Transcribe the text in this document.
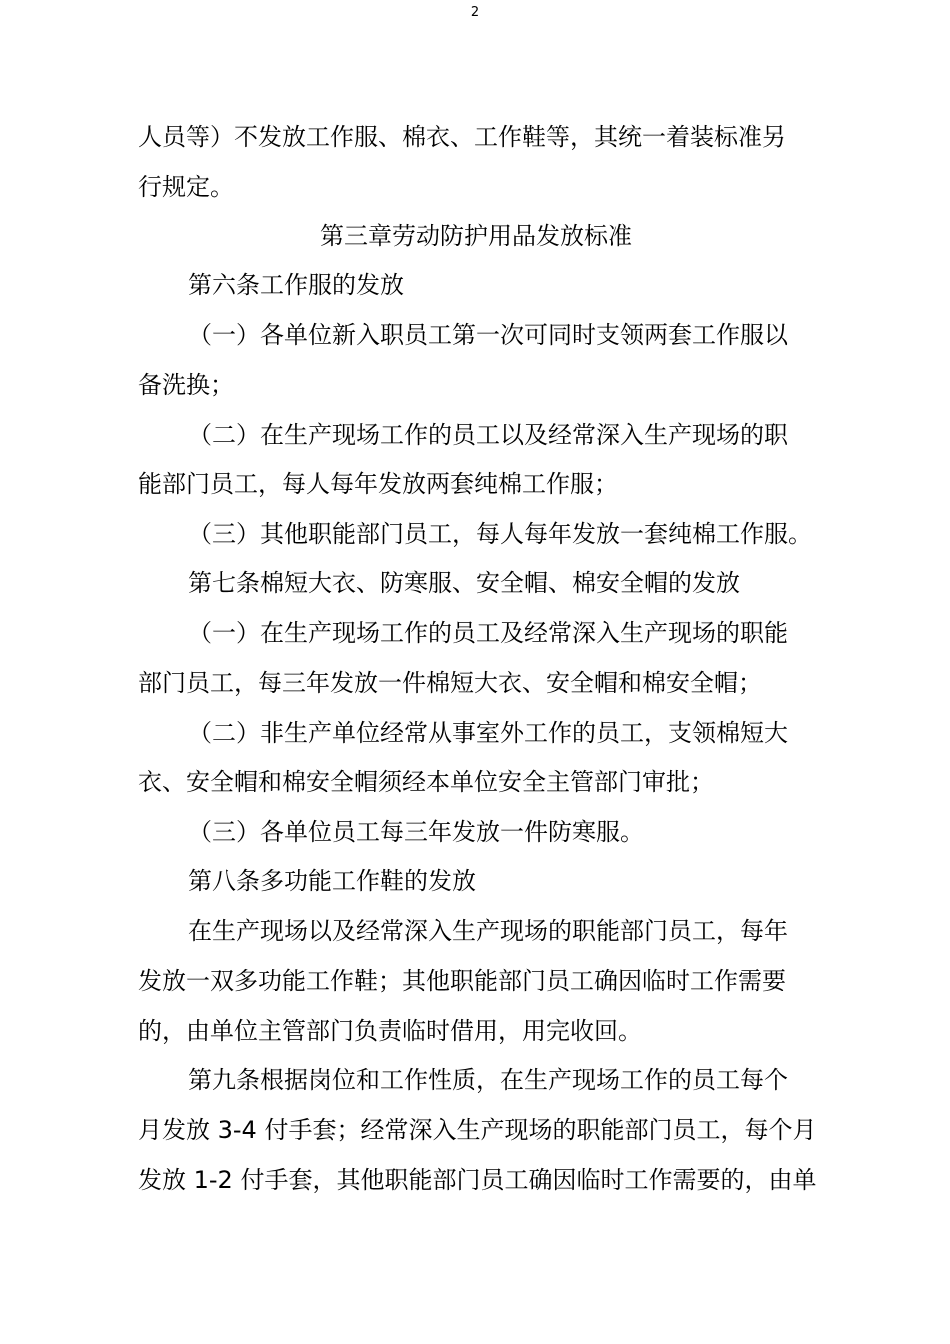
2
人员等）不发放工作服、棉衣、工作鞋等，其统一着装标准另
行规定。
第三章劳动防护用品发放标准
第六条工作服的发放
（一）各单位新入职员工第一次可同时支领两套工作服以
备洗换；
（二）在生产现场工作的员工以及经常深入生产现场的职
能部门员工，每人每年发放两套纯棉工作服；
（三）其他职能部门员工，每人每年发放一套纯棉工作服。
第七条棉短大衣、防寒服、安全帽、棉安全帽的发放
（一）在生产现场工作的员工及经常深入生产现场的职能
部门员工，每三年发放一件棉短大衣、安全帽和棉安全帽；
（二）非生产单位经常从事室外工作的员工，支领棉短大
衣、安全帽和棉安全帽须经本单位安全主管部门审批；
（三）各单位员工每三年发放一件防寒服。
第八条多功能工作鞋的发放
在生产现场以及经常深入生产现场的职能部门员工，每年
发放一双多功能工作鞋；其他职能部门员工确因临时工作需要
的，由单位主管部门负责临时借用，用完收回。
第九条根据岗位和工作性质，在生产现场工作的员工每个
月发放 3-4 付手套；经常深入生产现场的职能部门员工，每个月
发放 1-2 付手套，其他职能部门员工确因临时工作需要的，由单
